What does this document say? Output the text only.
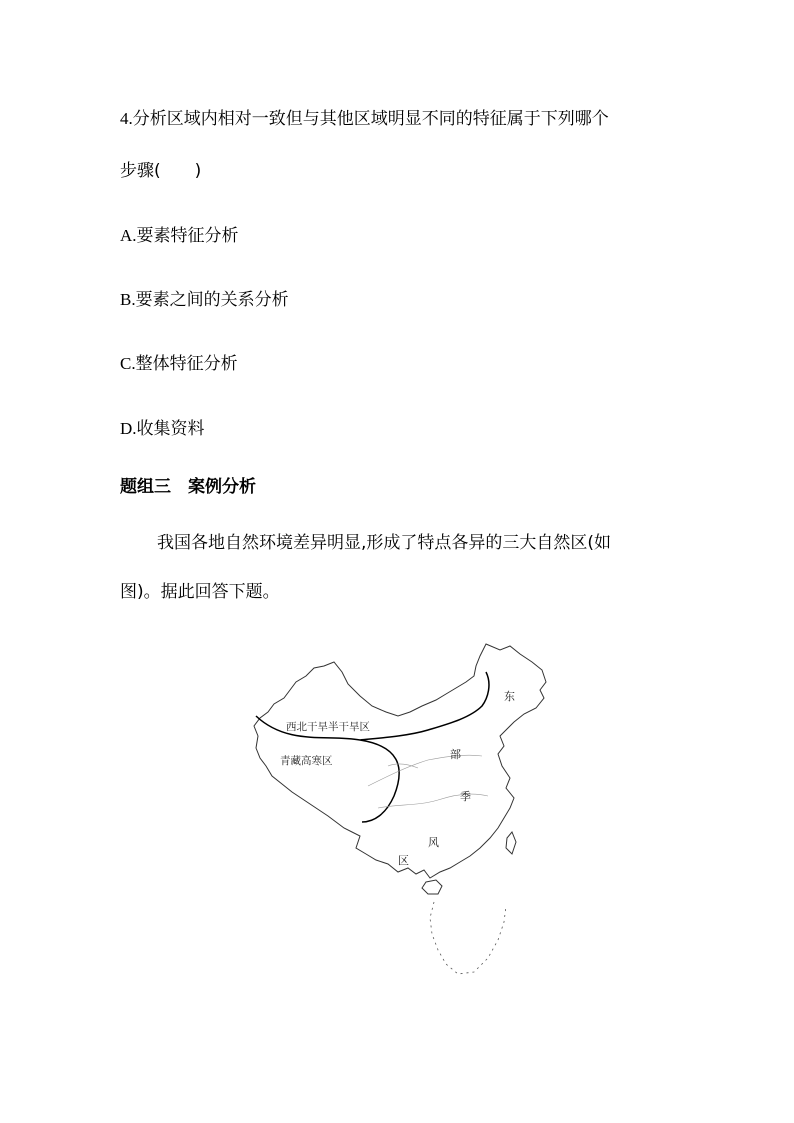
4.分析区域内相对一致但与其他区域明显不同的特征属于下列哪个
步骤(　　)
A.要素特征分析
B.要素之间的关系分析
C.整体特征分析
D.收集资料
题组三　案例分析
我国各地自然环境差异明显,形成了特点各异的三大自然区(如
图)。据此回答下题。
西北干旱半干旱区
青藏高寒区
东
部
季
风
区
